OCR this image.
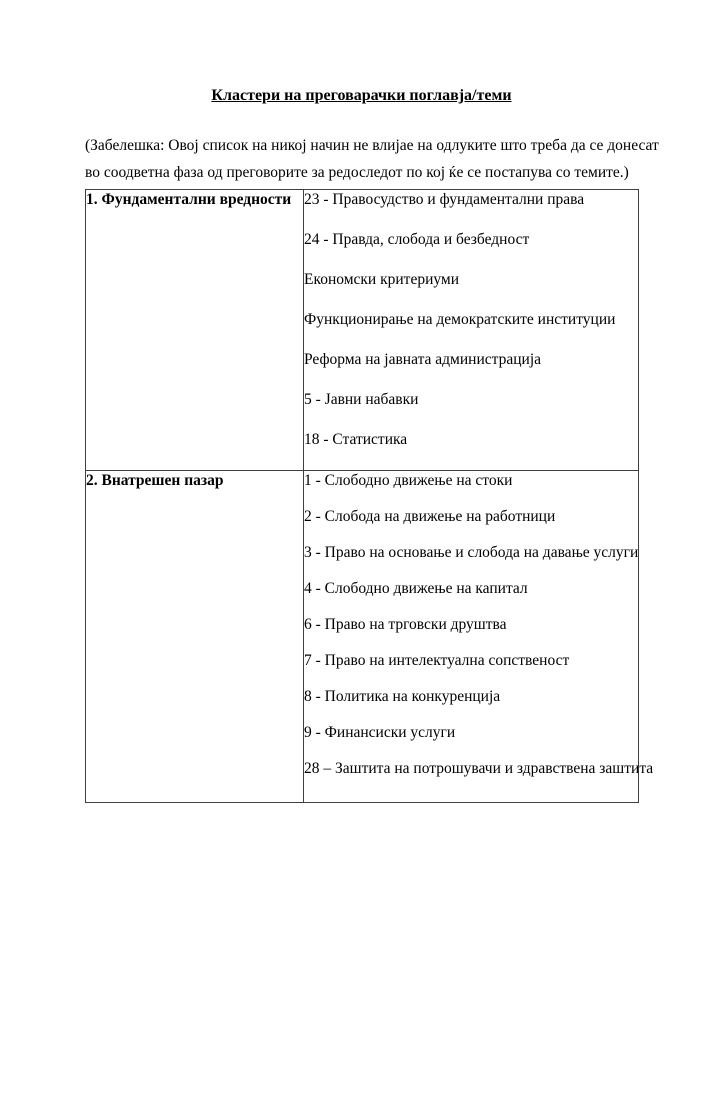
Кластери на преговарачки поглавја/теми

(Забелешка: Овој список на никој начин не влијае на одлуките што треба да се донесат
во соодветна фаза од преговорите за редоследот по кој ќе се постапува со темите.)

1. Фундаментални вредности	23 - Правосудство и фундаментални права

24 - Правда, слобода и безбедност

Економски критериуми

Функционирање на демократските институции

Реформа на јавната администрација

5 - Јавни набавки

18 - Статистика

2. Внатрешен пазар	1 - Слободно движење на стоки

2 - Слобода на движење на работници

3 - Право на основање и слобода на давање услуги

4 - Слободно движење на капитал

6 - Право на трговски друштва

7 - Право на интелектуална сопственост

8 - Политика на конкуренција

9 - Финансиски услуги

28 – Заштита на потрошувачи и здравствена заштита
